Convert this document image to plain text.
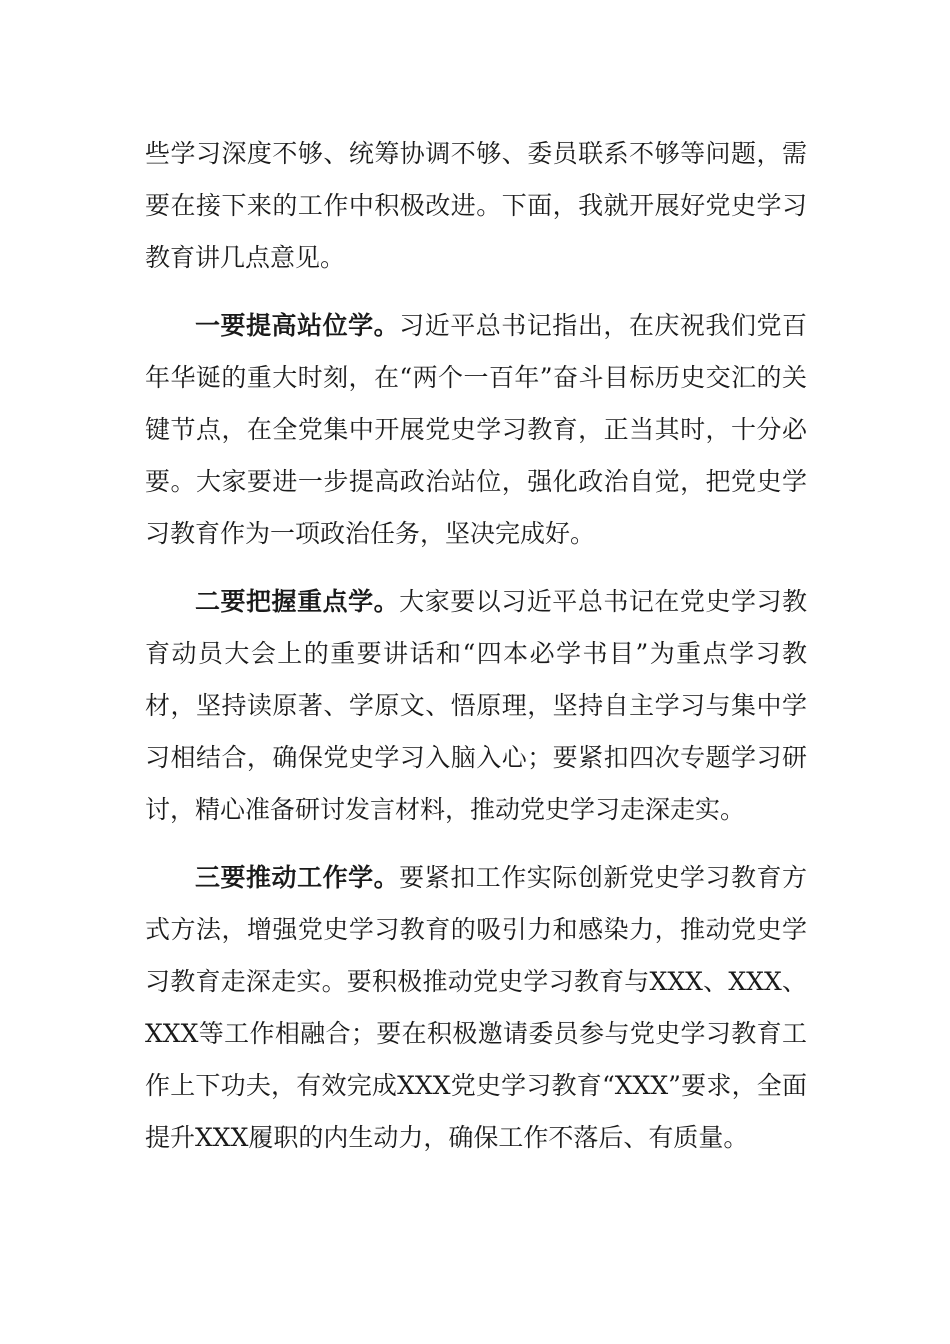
些学习深度不够、统筹协调不够、委员联系不够等问题，需要在接下来的工作中积极改进。下面，我就开展好党史学习教育讲几点意见。

一要提高站位学。习近平总书记指出，在庆祝我们党百年华诞的重大时刻，在“两个一百年”奋斗目标历史交汇的关键节点，在全党集中开展党史学习教育，正当其时，十分必要。大家要进一步提高政治站位，强化政治自觉，把党史学习教育作为一项政治任务，坚决完成好。

二要把握重点学。大家要以习近平总书记在党史学习教育动员大会上的重要讲话和“四本必学书目”为重点学习教材，坚持读原著、学原文、悟原理，坚持自主学习与集中学习相结合，确保党史学习入脑入心；要紧扣四次专题学习研讨，精心准备研讨发言材料，推动党史学习走深走实。

三要推动工作学。要紧扣工作实际创新党史学习教育方式方法，增强党史学习教育的吸引力和感染力，推动党史学习教育走深走实。要积极推动党史学习教育与XXX、XXX、XXX等工作相融合；要在积极邀请委员参与党史学习教育工作上下功夫，有效完成XXX党史学习教育“XXX”要求，全面提升XXX履职的内生动力，确保工作不落后、有质量。
